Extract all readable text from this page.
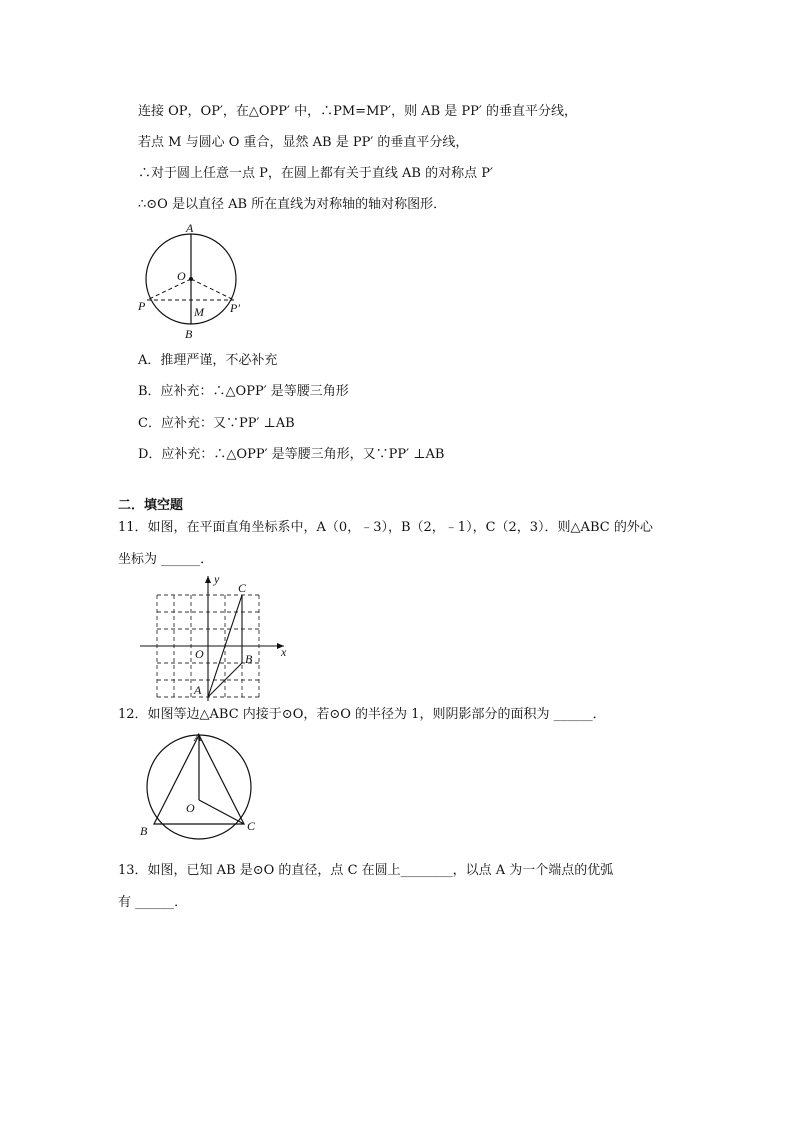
连接 OP，OP′，在△OPP′ 中，∴PM=MP′，则 AB 是 PP′ 的垂直平分线，
若点 M 与圆心 O 重合，显然 AB 是 PP′ 的垂直平分线，
∴对于圆上任意一点 P，在圆上都有关于直线 AB 的对称点 P′
∴⊙O 是以直径 AB 所在直线为对称轴的轴对称图形．
A
O
P	M P′
B
A．推理严谨，不必补充
B．应补充：∴△OPP′ 是等腰三角形
C．应补充：又∵PP′ ⊥AB
D．应补充：∴△OPP′ 是等腰三角形，又∵PP′ ⊥AB
二．填空题
11．如图，在平面直角坐标系中，A（0，﹣3），B（2，﹣1），C（2，3）．则△ABC 的外心
坐标为 ______．
y
x
C
O	B
A
12．如图等边△ABC 内接于⊙O，若⊙O 的半径为 1，则阴影部分的面积为 ______．
A
O
B	C
13．如图，已知 AB 是⊙O 的直径，点 C 在圆上________，以点 A 为一个端点的优弧
有 ______．
